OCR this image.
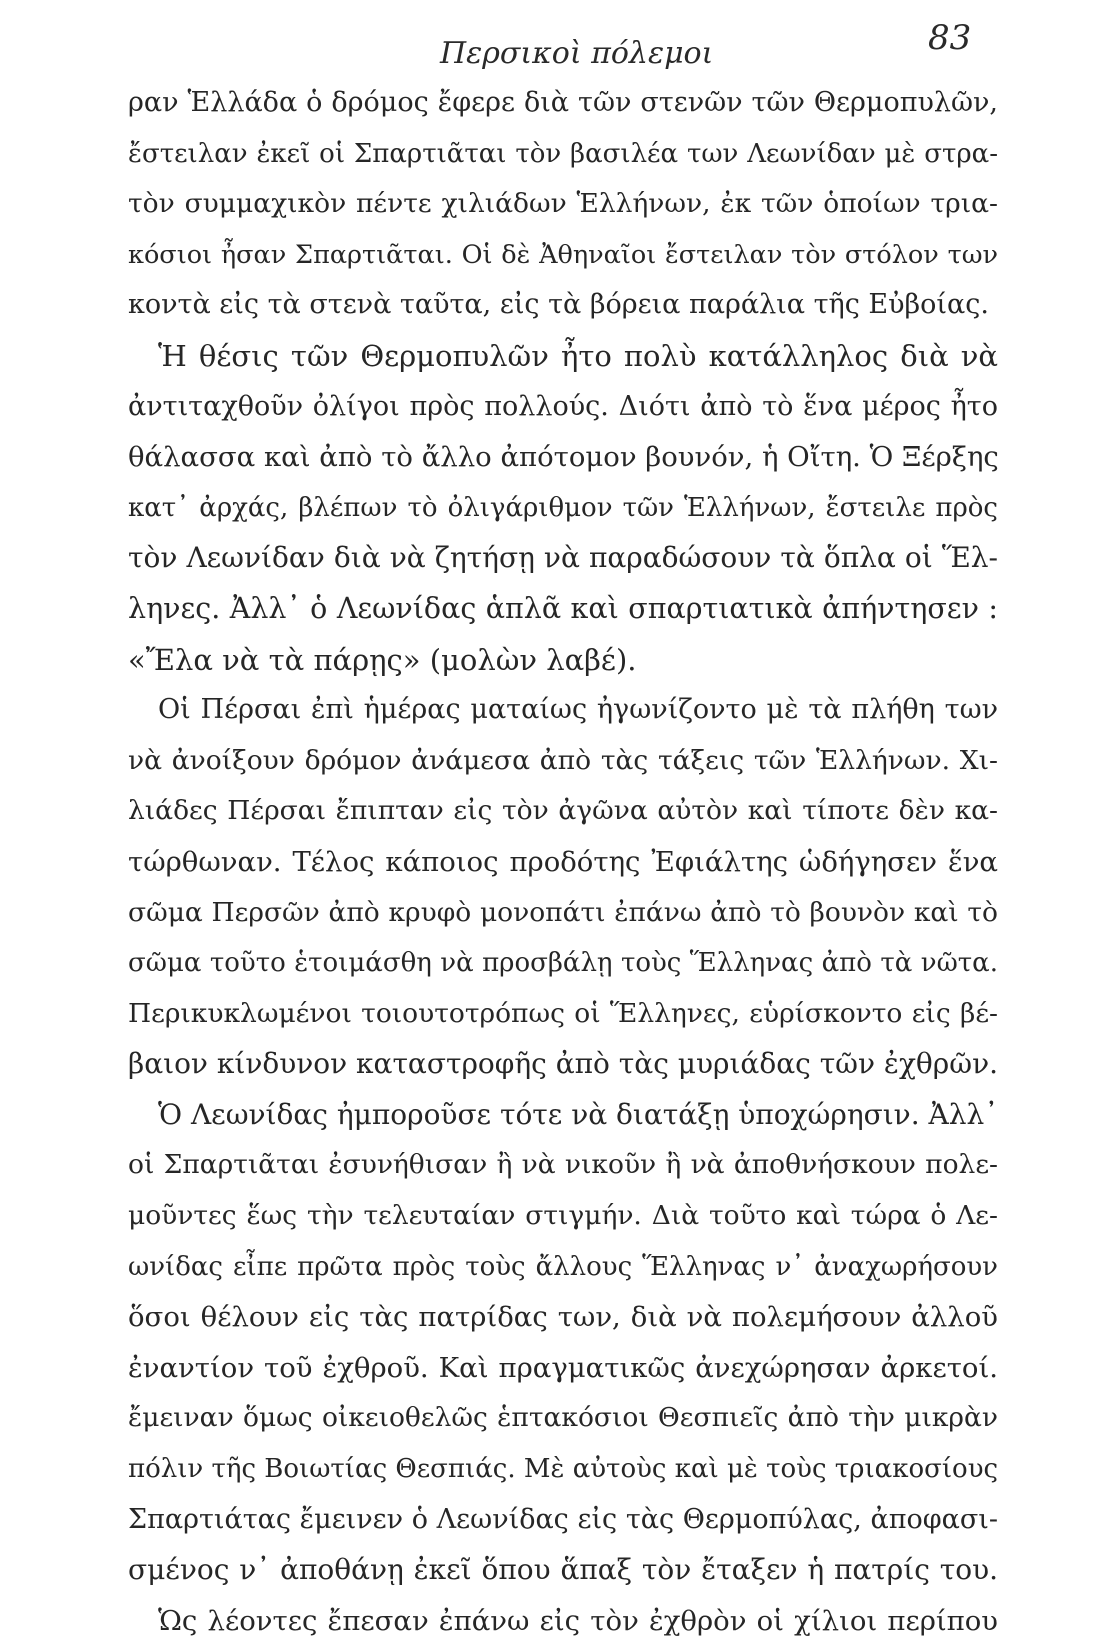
Περσικοὶ πόλεμοι	83
ραν Ἑλλάδα ὁ δρόμος ἔφερε διὰ τῶν στενῶν τῶν Θερμοπυλῶν,
ἔστειλαν ἐκεῖ οἱ Σπαρτιᾶται τὸν βασιλέα των Λεωνίδαν μὲ στρα-
τὸν συμμαχικὸν πέντε χιλιάδων Ἑλλήνων, ἐκ τῶν ὁποίων τρια-
κόσιοι ἦσαν Σπαρτιᾶται. Οἱ δὲ Ἀθηναῖοι ἔστειλαν τὸν στόλον των
κοντὰ εἰς τὰ στενὰ ταῦτα, εἰς τὰ βόρεια παράλια τῆς Εὐβοίας.
Ἡ θέσις τῶν Θερμοπυλῶν ἦτο πολὺ κατάλληλος διὰ νὰ
ἀντιταχθοῦν ὀλίγοι πρὸς πολλούς. Διότι ἀπὸ τὸ ἕνα μέρος ἦτο
θάλασσα καὶ ἀπὸ τὸ ἄλλο ἀπότομον βουνόν, ἡ Οἴτη. Ὁ Ξέρξης
κατ᾽ ἀρχάς, βλέπων τὸ ὀλιγάριθμον τῶν Ἑλλήνων, ἔστειλε πρὸς
τὸν Λεωνίδαν διὰ νὰ ζητήσῃ νὰ παραδώσουν τὰ ὅπλα οἱ Ἕλ-
ληνες. Ἀλλ᾽ ὁ Λεωνίδας ἁπλᾶ καὶ σπαρτιατικὰ ἀπήντησεν :
«Ἔλα νὰ τὰ πάρῃς» (μολὼν λαβέ).
Οἱ Πέρσαι ἐπὶ ἡμέρας ματαίως ἠγωνίζοντο μὲ τὰ πλήθη των
νὰ ἀνοίξουν δρόμον ἀνάμεσα ἀπὸ τὰς τάξεις τῶν Ἑλλήνων. Χι-
λιάδες Πέρσαι ἔπιπταν εἰς τὸν ἀγῶνα αὐτὸν καὶ τίποτε δὲν κα-
τώρθωναν. Τέλος κάποιος προδότης Ἐφιάλτης ὡδήγησεν ἕνα
σῶμα Περσῶν ἀπὸ κρυφὸ μονοπάτι ἐπάνω ἀπὸ τὸ βουνὸν καὶ τὸ
σῶμα τοῦτο ἑτοιμάσθη νὰ προσβάλῃ τοὺς Ἕλληνας ἀπὸ τὰ νῶτα.
Περικυκλωμένοι τοιουτοτρόπως οἱ Ἕλληνες, εὑρίσκοντο εἰς βέ-
βαιον κίνδυνον καταστροφῆς ἀπὸ τὰς μυριάδας τῶν ἐχθρῶν.
Ὁ Λεωνίδας ἠμποροῦσε τότε νὰ διατάξῃ ὑποχώρησιν. Ἀλλ᾽
οἱ Σπαρτιᾶται ἐσυνήθισαν ἢ νὰ νικοῦν ἢ νὰ ἀποθνήσκουν πολε-
μοῦντες ἕως τὴν τελευταίαν στιγμήν. Διὰ τοῦτο καὶ τώρα ὁ Λε-
ωνίδας εἶπε πρῶτα πρὸς τοὺς ἄλλους Ἕλληνας ν᾽ ἀναχωρήσουν
ὅσοι θέλουν εἰς τὰς πατρίδας των, διὰ νὰ πολεμήσουν ἀλλοῦ
ἐναντίον τοῦ ἐχθροῦ. Καὶ πραγματικῶς ἀνεχώρησαν ἀρκετοί.
ἔμειναν ὅμως οἰκειοθελῶς ἑπτακόσιοι Θεσπιεῖς ἀπὸ τὴν μικρὰν
πόλιν τῆς Βοιωτίας Θεσπιάς. Μὲ αὐτοὺς καὶ μὲ τοὺς τριακοσίους
Σπαρτιάτας ἔμεινεν ὁ Λεωνίδας εἰς τὰς Θερμοπύλας, ἀποφασι-
σμένος ν᾽ ἀποθάνῃ ἐκεῖ ὅπου ἅπαξ τὸν ἔταξεν ἡ πατρίς του.
Ὡς λέοντες ἔπεσαν ἐπάνω εἰς τὸν ἐχθρὸν οἱ χίλιοι περίπου
